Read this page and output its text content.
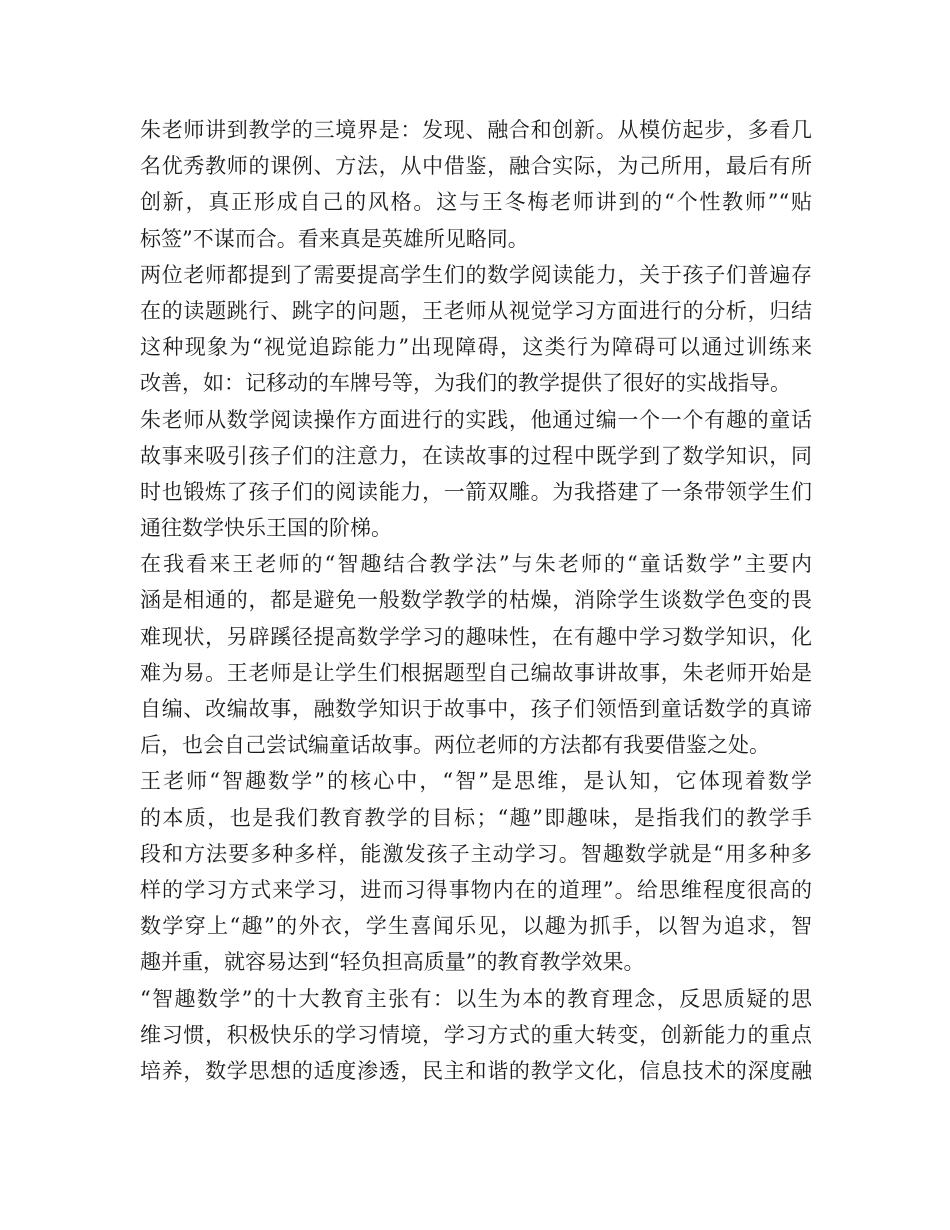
朱老师讲到教学的三境界是：发现、融合和创新。从模仿起步，多看几
名优秀教师的课例、方法，从中借鉴，融合实际，为己所用，最后有所
创新，真正形成自己的风格。这与王冬梅老师讲到的“个性教师”“贴
标签”不谋而合。看来真是英雄所见略同。
两位老师都提到了需要提高学生们的数学阅读能力，关于孩子们普遍存
在的读题跳行、跳字的问题，王老师从视觉学习方面进行的分析，归结
这种现象为“视觉追踪能力”出现障碍，这类行为障碍可以通过训练来
改善，如：记移动的车牌号等，为我们的教学提供了很好的实战指导。
朱老师从数学阅读操作方面进行的实践，他通过编一个一个有趣的童话
故事来吸引孩子们的注意力，在读故事的过程中既学到了数学知识，同
时也锻炼了孩子们的阅读能力，一箭双雕。为我搭建了一条带领学生们
通往数学快乐王国的阶梯。
在我看来王老师的“智趣结合教学法”与朱老师的“童话数学”主要内
涵是相通的，都是避免一般数学教学的枯燥，消除学生谈数学色变的畏
难现状，另辟蹊径提高数学学习的趣味性，在有趣中学习数学知识，化
难为易。王老师是让学生们根据题型自己编故事讲故事，朱老师开始是
自编、改编故事，融数学知识于故事中，孩子们领悟到童话数学的真谛
后，也会自己尝试编童话故事。两位老师的方法都有我要借鉴之处。
王老师“智趣数学”的核心中，“智”是思维，是认知，它体现着数学
的本质，也是我们教育教学的目标；“趣”即趣味，是指我们的教学手
段和方法要多种多样，能激发孩子主动学习。智趣数学就是“用多种多
样的学习方式来学习，进而习得事物内在的道理”。给思维程度很高的
数学穿上“趣”的外衣，学生喜闻乐见，以趣为抓手，以智为追求，智
趣并重，就容易达到“轻负担高质量”的教育教学效果。
“智趣数学”的十大教育主张有：以生为本的教育理念，反思质疑的思
维习惯，积极快乐的学习情境，学习方式的重大转变，创新能力的重点
培养，数学思想的适度渗透，民主和谐的教学文化，信息技术的深度融
